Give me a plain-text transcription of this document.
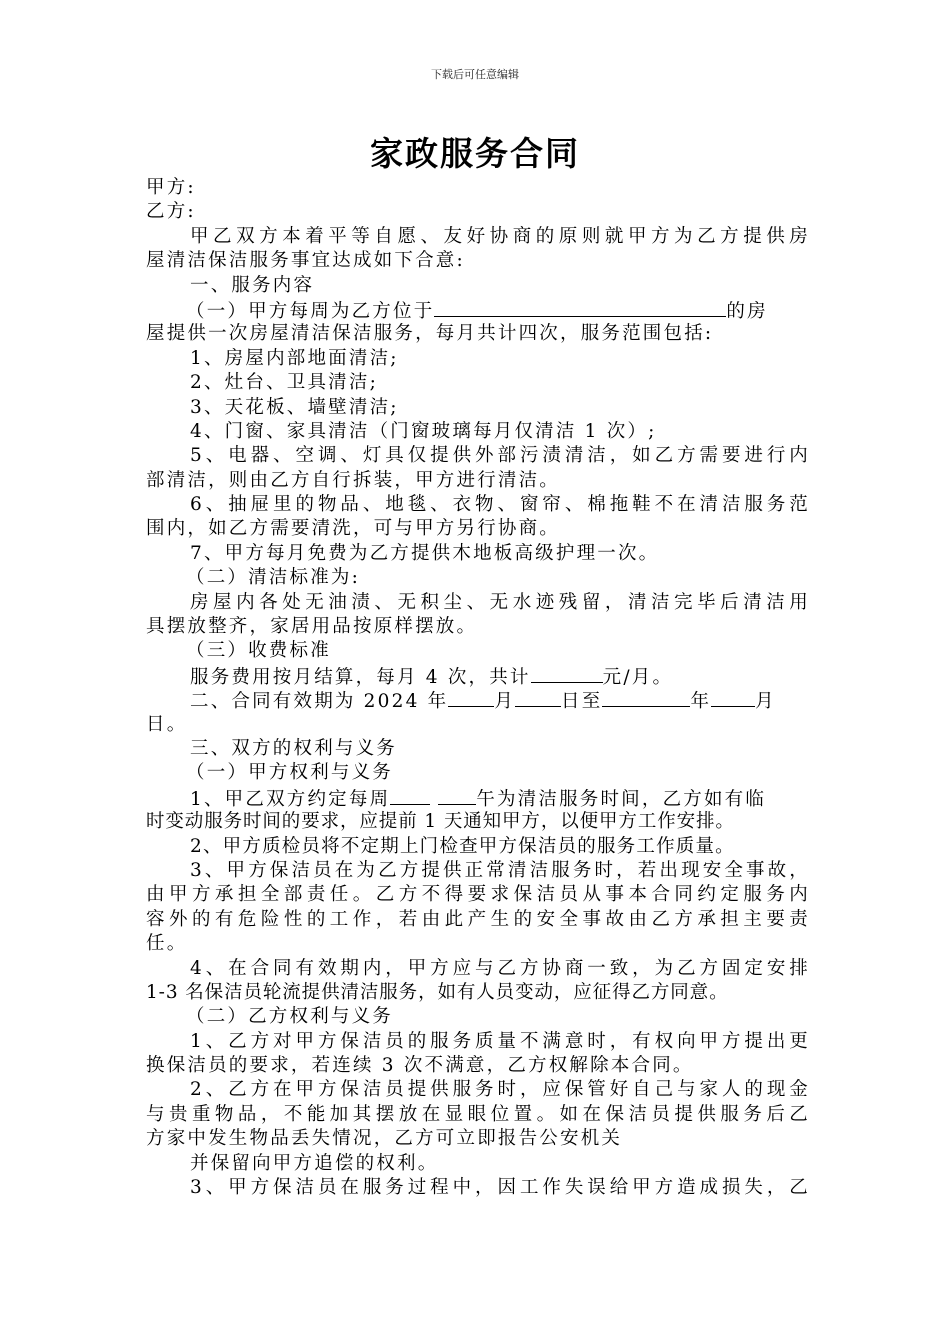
下载后可任意编辑
家政服务合同
甲方:
乙方:
甲乙双方本着平等自愿、友好协商的原则就甲方为乙方提供房
屋清洁保洁服务事宜达成如下合意:
一、服务内容
（一）甲方每周为乙方位于	的房
屋提供一次房屋清洁保洁服务，每月共计四次，服务范围包括:
1、房屋内部地面清洁;
2、灶台、卫具清洁;
3、天花板、墙壁清洁;
4、门窗、家具清洁（门窗玻璃每月仅清洁 1 次）;
5、电器、空调、灯具仅提供外部污渍清洁，如乙方需要进行内
部清洁，则由乙方自行拆装，甲方进行清洁。
6、抽屉里的物品、地毯、衣物、窗帘、棉拖鞋不在清洁服务范
围内，如乙方需要清洗，可与甲方另行协商。
7、甲方每月免费为乙方提供木地板高级护理一次。
（二）清洁标准为:
房屋内各处无油渍、无积尘、无水迹残留，清洁完毕后清洁用
具摆放整齐，家居用品按原样摆放。
（三）收费标准
服务费用按月结算，每月 4 次，共计	元/月。
二、合同有效期为 2024 年 月 日至	年 月
日。
三、双方的权利与义务
（一）甲方权利与义务
1、甲乙双方约定每周	午为清洁服务时间，乙方如有临
时变动服务时间的要求，应提前 1 天通知甲方，以便甲方工作安排。
2、甲方质检员将不定期上门检查甲方保洁员的服务工作质量。
3、甲方保洁员在为乙方提供正常清洁服务时，若出现安全事故，
由甲方承担全部责任。乙方不得要求保洁员从事本合同约定服务内
容外的有危险性的工作，若由此产生的安全事故由乙方承担主要责
任。
4、在合同有效期内，甲方应与乙方协商一致，为乙方固定安排
1-3 名保洁员轮流提供清洁服务，如有人员变动，应征得乙方同意。
（二）乙方权利与义务
1、乙方对甲方保洁员的服务质量不满意时，有权向甲方提出更
换保洁员的要求，若连续 3 次不满意，乙方权解除本合同。
2、乙方在甲方保洁员提供服务时，应保管好自己与家人的现金
与贵重物品，不能加其摆放在显眼位置。如在保洁员提供服务后乙
方家中发生物品丢失情况，乙方可立即报告公安机关
并保留向甲方追偿的权利。
3、甲方保洁员在服务过程中，因工作失误给甲方造成损失，乙
